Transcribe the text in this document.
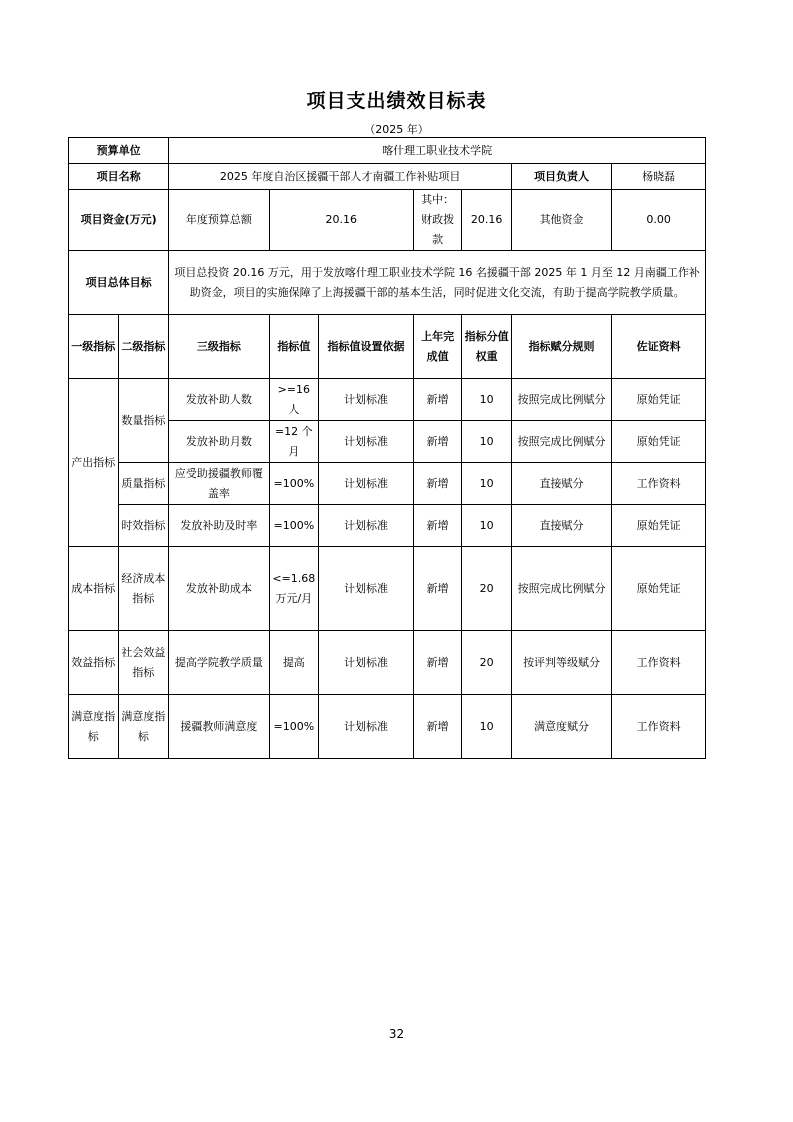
项目支出绩效目标表
（2025 年）
预算单位		喀什理工职业技术学院						
项目名称		2025 年度自治区援疆干部人才南疆工作补贴项目					项目负责人	杨晓磊
项目资金(万元)		年度预算总额	20.16		其中：财政拨款	20.16	其他资金	0.00
项目总体目标		项目总投资 20.16 万元，用于发放喀什理工职业技术学院 16 名援疆干部 2025 年 1 月至 12 月南疆工作补助资金，项目的实施保障了上海援疆干部的基本生活，同时促进文化交流，有助于提高学院教学质量。						
一级指标	二级指标	三级指标	指标值	指标值设置依据	上年完成值	指标分值权重	指标赋分规则	佐证资料
产出指标	数量指标	发放补助人数	>=16 人	计划标准	新增	10	按照完成比例赋分	原始凭证
		发放补助月数	=12 个月	计划标准	新增	10	按照完成比例赋分	原始凭证
	质量指标	应受助援疆教师覆盖率	=100%	计划标准	新增	10	直接赋分	工作资料
	时效指标	发放补助及时率	=100%	计划标准	新增	10	直接赋分	原始凭证
成本指标	经济成本指标	发放补助成本	<=1.68 万元/月	计划标准	新增	20	按照完成比例赋分	原始凭证
效益指标	社会效益指标	提高学院教学质量	提高	计划标准	新增	20	按评判等级赋分	工作资料
满意度指标	满意度指标	援疆教师满意度	=100%	计划标准	新增	10	满意度赋分	工作资料
32
